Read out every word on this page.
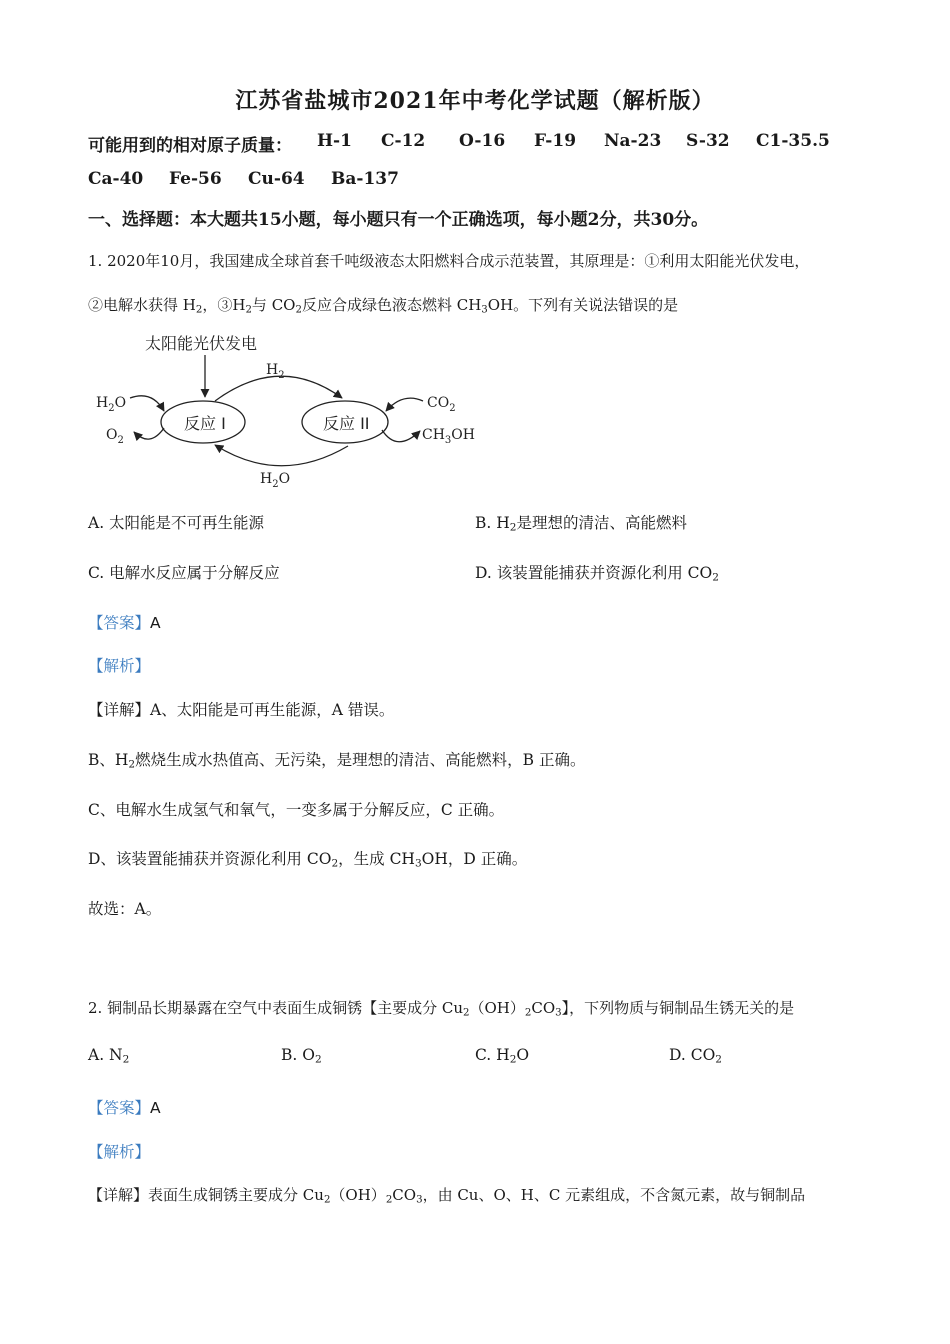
江苏省盐城市2021年中考化学试题（解析版）
可能用到的相对原子质量： H-1 C-12 O-16 F-19 Na-23 S-32 C1-35.5
Ca-40 Fe-56 Cu-64 Ba-137
一、选择题：本大题共15小题，每小题只有一个正确选项，每小题2分，共30分。
1. 2020年10月，我国建成全球首套千吨级液态太阳燃料合成示范装置，其原理是：①利用太阳能光伏发电，
②电解水获得 $H_2$，$③H_2$与 $CO_2$反应合成绿色液态燃料 $CH_3OH$。下列有关说法错误的是
太阳能光伏发电
$H_2$
$H_2O$
$O_2$
反应 I	反应 II
$CO_2$
$CH_3OH$
$H_2O$
A. 太阳能是不可再生能源	B. $H_2$是理想的清洁、高能燃料
C. 电解水反应属于分解反应	D. 该装置能捕获并资源化利用 $CO_2$
【答案】A
【解析】
【详解】A、太阳能是可再生能源，A 错误。
B、$H_2$燃烧生成水热值高、无污染，是理想的清洁、高能燃料，B 正确。
C、电解水生成氢气和氧气，一变多属于分解反应，C 正确。
D、该装置能捕获并资源化利用 $CO_2$，生成 $CH_3OH$，D 正确。
故选：A。
2. 铜制品长期暴露在空气中表面生成铜锈【主要成分 $Cu_2(OH)_2CO_3$】，下列物质与铜制品生锈无关的是
A. $N_2$	B. $O_2$	C. $H_2O$	D. $CO_2$
【答案】A
【解析】
【详解】表面生成铜锈主要成分 $Cu_2(OH)_2CO_3$，由 Cu、O、H、C 元素组成，不含氮元素，故与铜制品
